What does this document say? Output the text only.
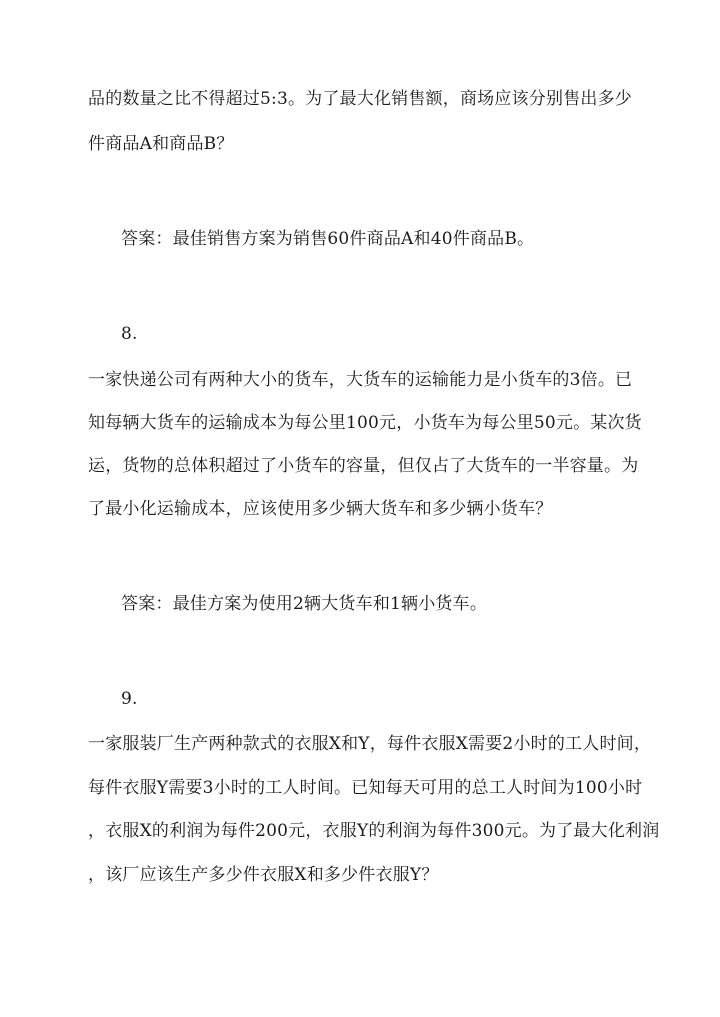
品的数量之比不得超过5:3。为了最大化销售额，商场应该分别售出多少
件商品A和商品B？
答案：最佳销售方案为销售60件商品A和40件商品B。
8.
一家快递公司有两种大小的货车，大货车的运输能力是小货车的3倍。已
知每辆大货车的运输成本为每公里100元，小货车为每公里50元。某次货
运，货物的总体积超过了小货车的容量，但仅占了大货车的一半容量。为
了最小化运输成本，应该使用多少辆大货车和多少辆小货车？
答案：最佳方案为使用2辆大货车和1辆小货车。
9.
一家服装厂生产两种款式的衣服X和Y，每件衣服X需要2小时的工人时间，
每件衣服Y需要3小时的工人时间。已知每天可用的总工人时间为100小时
，衣服X的利润为每件200元，衣服Y的利润为每件300元。为了最大化利润
，该厂应该生产多少件衣服X和多少件衣服Y？
